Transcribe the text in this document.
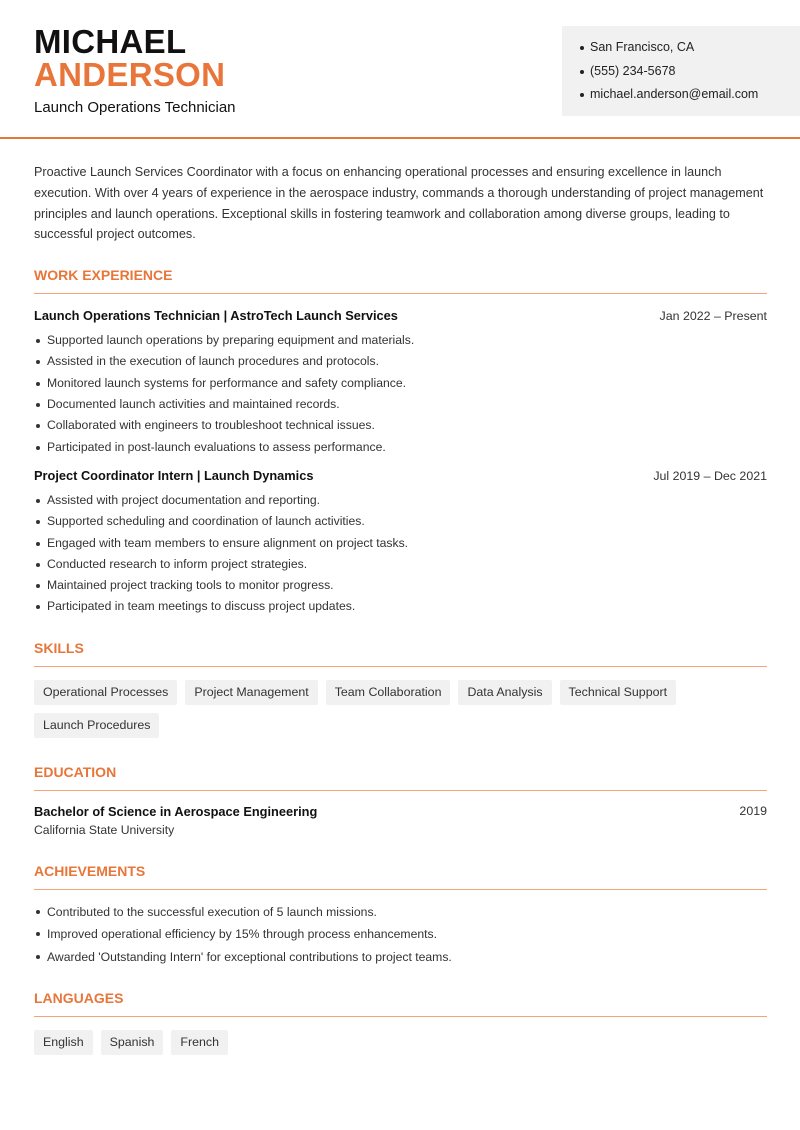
MICHAEL
ANDERSON
Launch Operations Technician
San Francisco, CA
(555) 234-5678
michael.anderson@email.com

Proactive Launch Services Coordinator with a focus on enhancing operational processes and ensuring excellence in launch execution. With over 4 years of experience in the aerospace industry, commands a thorough understanding of project management principles and launch operations. Exceptional skills in fostering teamwork and collaboration among diverse groups, leading to successful project outcomes.

WORK EXPERIENCE
Launch Operations Technician | AstroTech Launch Services	Jan 2022 – Present
Supported launch operations by preparing equipment and materials.
Assisted in the execution of launch procedures and protocols.
Monitored launch systems for performance and safety compliance.
Documented launch activities and maintained records.
Collaborated with engineers to troubleshoot technical issues.
Participated in post-launch evaluations to assess performance.
Project Coordinator Intern | Launch Dynamics	Jul 2019 – Dec 2021
Assisted with project documentation and reporting.
Supported scheduling and coordination of launch activities.
Engaged with team members to ensure alignment on project tasks.
Conducted research to inform project strategies.
Maintained project tracking tools to monitor progress.
Participated in team meetings to discuss project updates.
SKILLS
Operational Processes	Project Management	Team Collaboration	Data Analysis	Technical Support
Launch Procedures
EDUCATION
Bachelor of Science in Aerospace Engineering	2019
California State University
ACHIEVEMENTS
Contributed to the successful execution of 5 launch missions.
Improved operational efficiency by 15% through process enhancements.
Awarded 'Outstanding Intern' for exceptional contributions to project teams.
LANGUAGES
English	Spanish	French
